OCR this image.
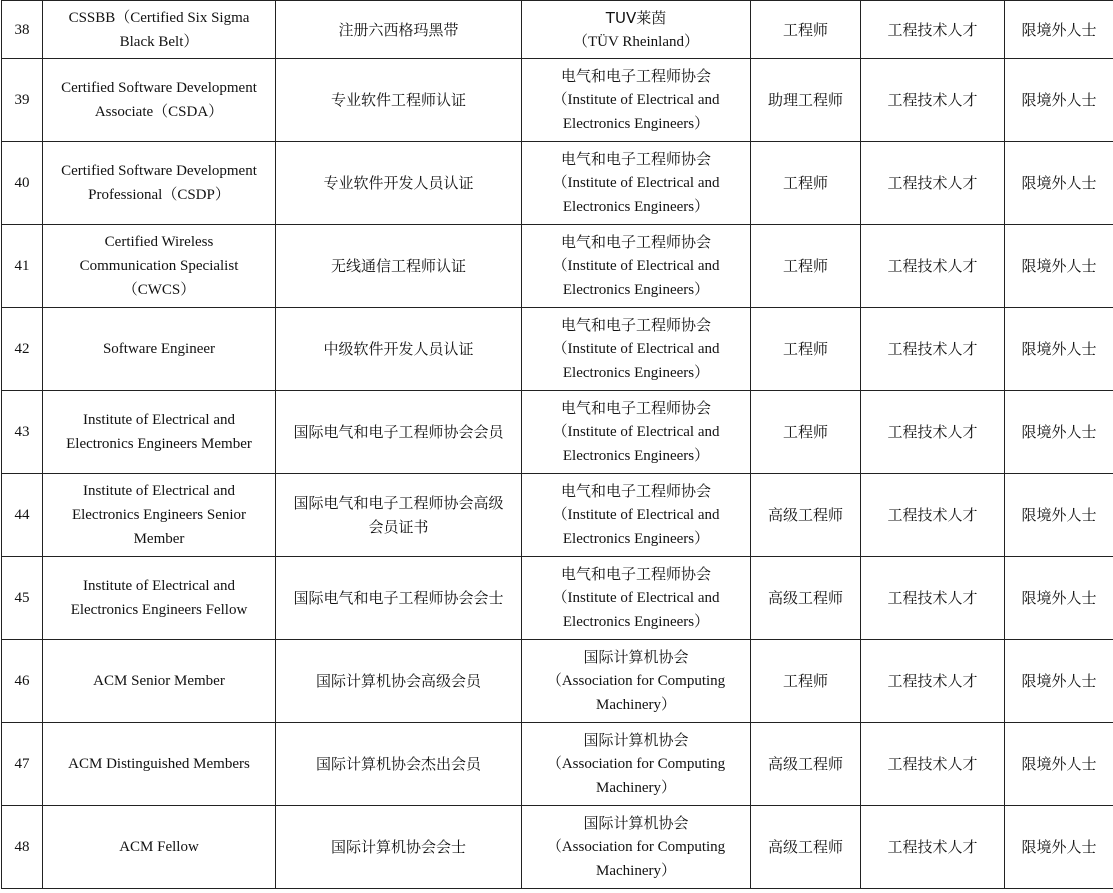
38	CSSBB（Certified Six Sigma
Black Belt）	注册六西格玛黑带	TUV莱茵
（TÜV Rheinland）	工程师	工程技术人才	限境外人士
39	Certified Software Development
Associate（CSDA）	专业软件工程师认证	电气和电子工程师协会
（Institute of Electrical and
Electronics Engineers）	助理工程师	工程技术人才	限境外人士
40	Certified Software Development
Professional（CSDP）	专业软件开发人员认证	电气和电子工程师协会
（Institute of Electrical and
Electronics Engineers）	工程师	工程技术人才	限境外人士
41	Certified Wireless
Communication Specialist
（CWCS）	无线通信工程师认证	电气和电子工程师协会
（Institute of Electrical and
Electronics Engineers）	工程师	工程技术人才	限境外人士
42	Software Engineer	中级软件开发人员认证	电气和电子工程师协会
（Institute of Electrical and
Electronics Engineers）	工程师	工程技术人才	限境外人士
43	Institute of Electrical and
Electronics Engineers Member	国际电气和电子工程师协会会员	电气和电子工程师协会
（Institute of Electrical and
Electronics Engineers）	工程师	工程技术人才	限境外人士
44	Institute of Electrical and
Electronics Engineers Senior
Member	国际电气和电子工程师协会高级
会员证书	电气和电子工程师协会
（Institute of Electrical and
Electronics Engineers）	高级工程师	工程技术人才	限境外人士
45	Institute of Electrical and
Electronics Engineers Fellow	国际电气和电子工程师协会会士	电气和电子工程师协会
（Institute of Electrical and
Electronics Engineers）	高级工程师	工程技术人才	限境外人士
46	ACM Senior Member	国际计算机协会高级会员	国际计算机协会
（Association for Computing
Machinery）	工程师	工程技术人才	限境外人士
47	ACM Distinguished Members	国际计算机协会杰出会员	国际计算机协会
（Association for Computing
Machinery）	高级工程师	工程技术人才	限境外人士
48	ACM Fellow	国际计算机协会会士	国际计算机协会
（Association for Computing
Machinery）	高级工程师	工程技术人才	限境外人士
